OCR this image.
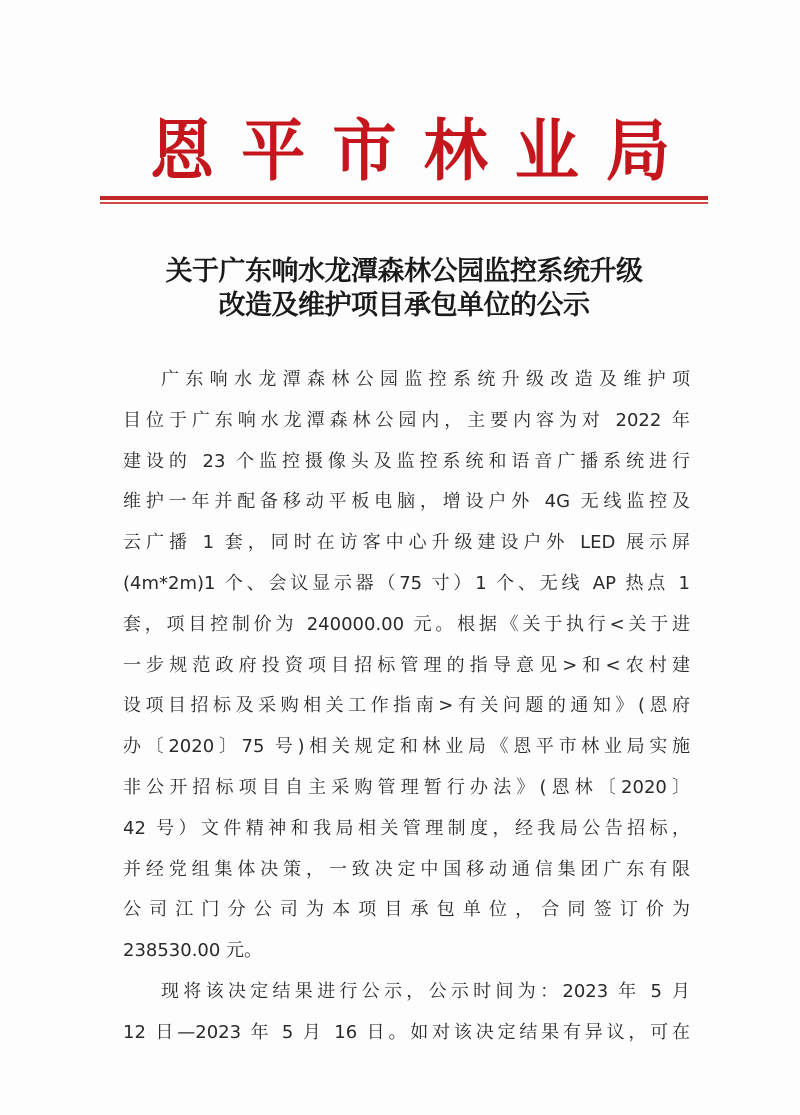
恩 平 市 林 业 局
关于广东响水龙潭森林公园监控系统升级
改造及维护项目承包单位的公示
广东响水龙潭森林公园监控系统升级改造及维护项
目位于广东响水龙潭森林公园内，主要内容为对 2022 年
建设的 23 个监控摄像头及监控系统和语音广播系统进行
维护一年并配备移动平板电脑，增设户外 4G 无线监控及
云广播 1 套，同时在访客中心升级建设户外 LED 展示屏
(4m*2m)1 个、会议显示器（75 寸）1 个、无线 AP 热点 1
套，项目控制价为 240000.00 元。根据《关于执行<关于进
一步规范政府投资项目招标管理的指导意见>和<农村建
设项目招标及采购相关工作指南>有关问题的通知》(恩府
办〔2020〕75 号)相关规定和林业局《恩平市林业局实施
非公开招标项目自主采购管理暂行办法》(恩林〔2020〕
42 号）文件精神和我局相关管理制度，经我局公告招标，
并经党组集体决策，一致决定中国移动通信集团广东有限
公司江门分公司为本项目承包单位，合同签订价为
238530.00 元。
现将该决定结果进行公示，公示时间为：2023 年 5 月
12 日—2023 年 5 月 16 日。如对该决定结果有异议，可在
